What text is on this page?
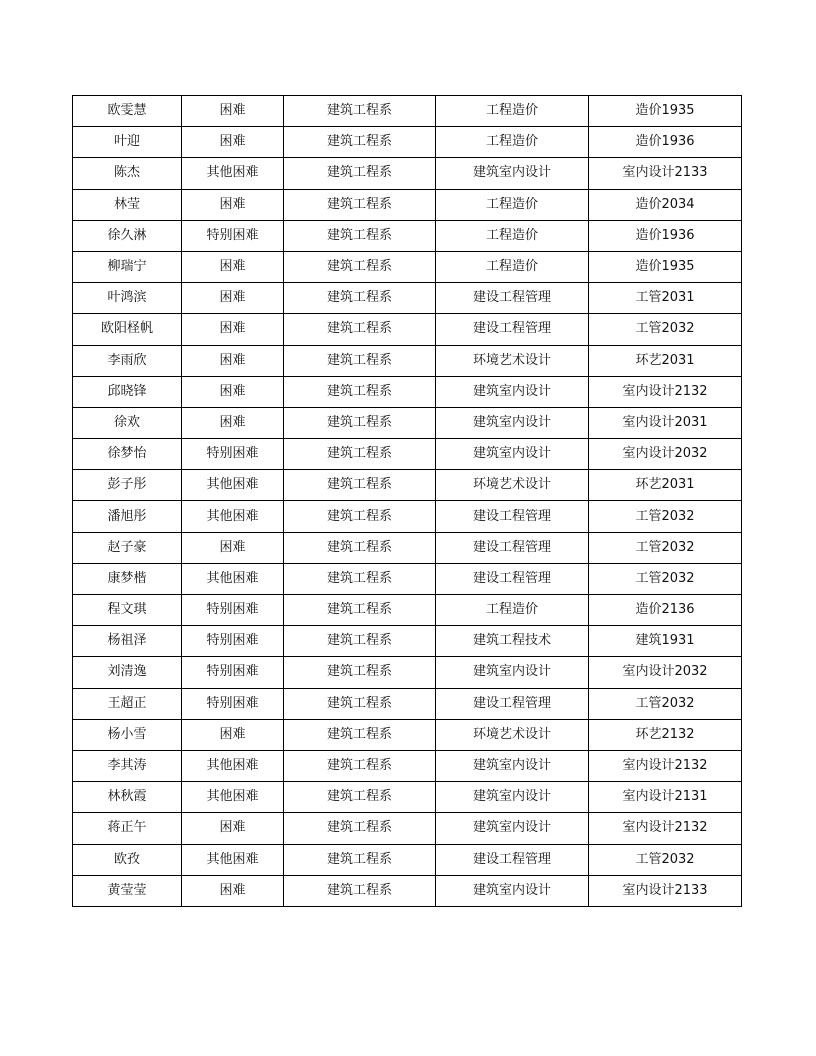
欧雯慧	困难	建筑工程系	工程造价	造价1935
叶迎	困难	建筑工程系	工程造价	造价1936
陈杰	其他困难	建筑工程系	建筑室内设计	室内设计2133
林莹	困难	建筑工程系	工程造价	造价2034
徐久淋	特别困难	建筑工程系	工程造价	造价1936
柳瑞宁	困难	建筑工程系	工程造价	造价1935
叶鸿滨	困难	建筑工程系	建设工程管理	工管2031
欧阳柽帆	困难	建筑工程系	建设工程管理	工管2032
李雨欣	困难	建筑工程系	环境艺术设计	环艺2031
邱晓锋	困难	建筑工程系	建筑室内设计	室内设计2132
徐欢	困难	建筑工程系	建筑室内设计	室内设计2031
徐梦怡	特别困难	建筑工程系	建筑室内设计	室内设计2032
彭子彤	其他困难	建筑工程系	环境艺术设计	环艺2031
潘旭彤	其他困难	建筑工程系	建设工程管理	工管2032
赵子豪	困难	建筑工程系	建设工程管理	工管2032
康梦楷	其他困难	建筑工程系	建设工程管理	工管2032
程文琪	特别困难	建筑工程系	工程造价	造价2136
杨祖泽	特别困难	建筑工程系	建筑工程技术	建筑1931
刘清逸	特别困难	建筑工程系	建筑室内设计	室内设计2032
王超正	特别困难	建筑工程系	建设工程管理	工管2032
杨小雪	困难	建筑工程系	环境艺术设计	环艺2132
李其涛	其他困难	建筑工程系	建筑室内设计	室内设计2132
林秋霞	其他困难	建筑工程系	建筑室内设计	室内设计2131
蒋正午	困难	建筑工程系	建筑室内设计	室内设计2132
欧孜	其他困难	建筑工程系	建设工程管理	工管2032
黄莹莹	困难	建筑工程系	建筑室内设计	室内设计2133
